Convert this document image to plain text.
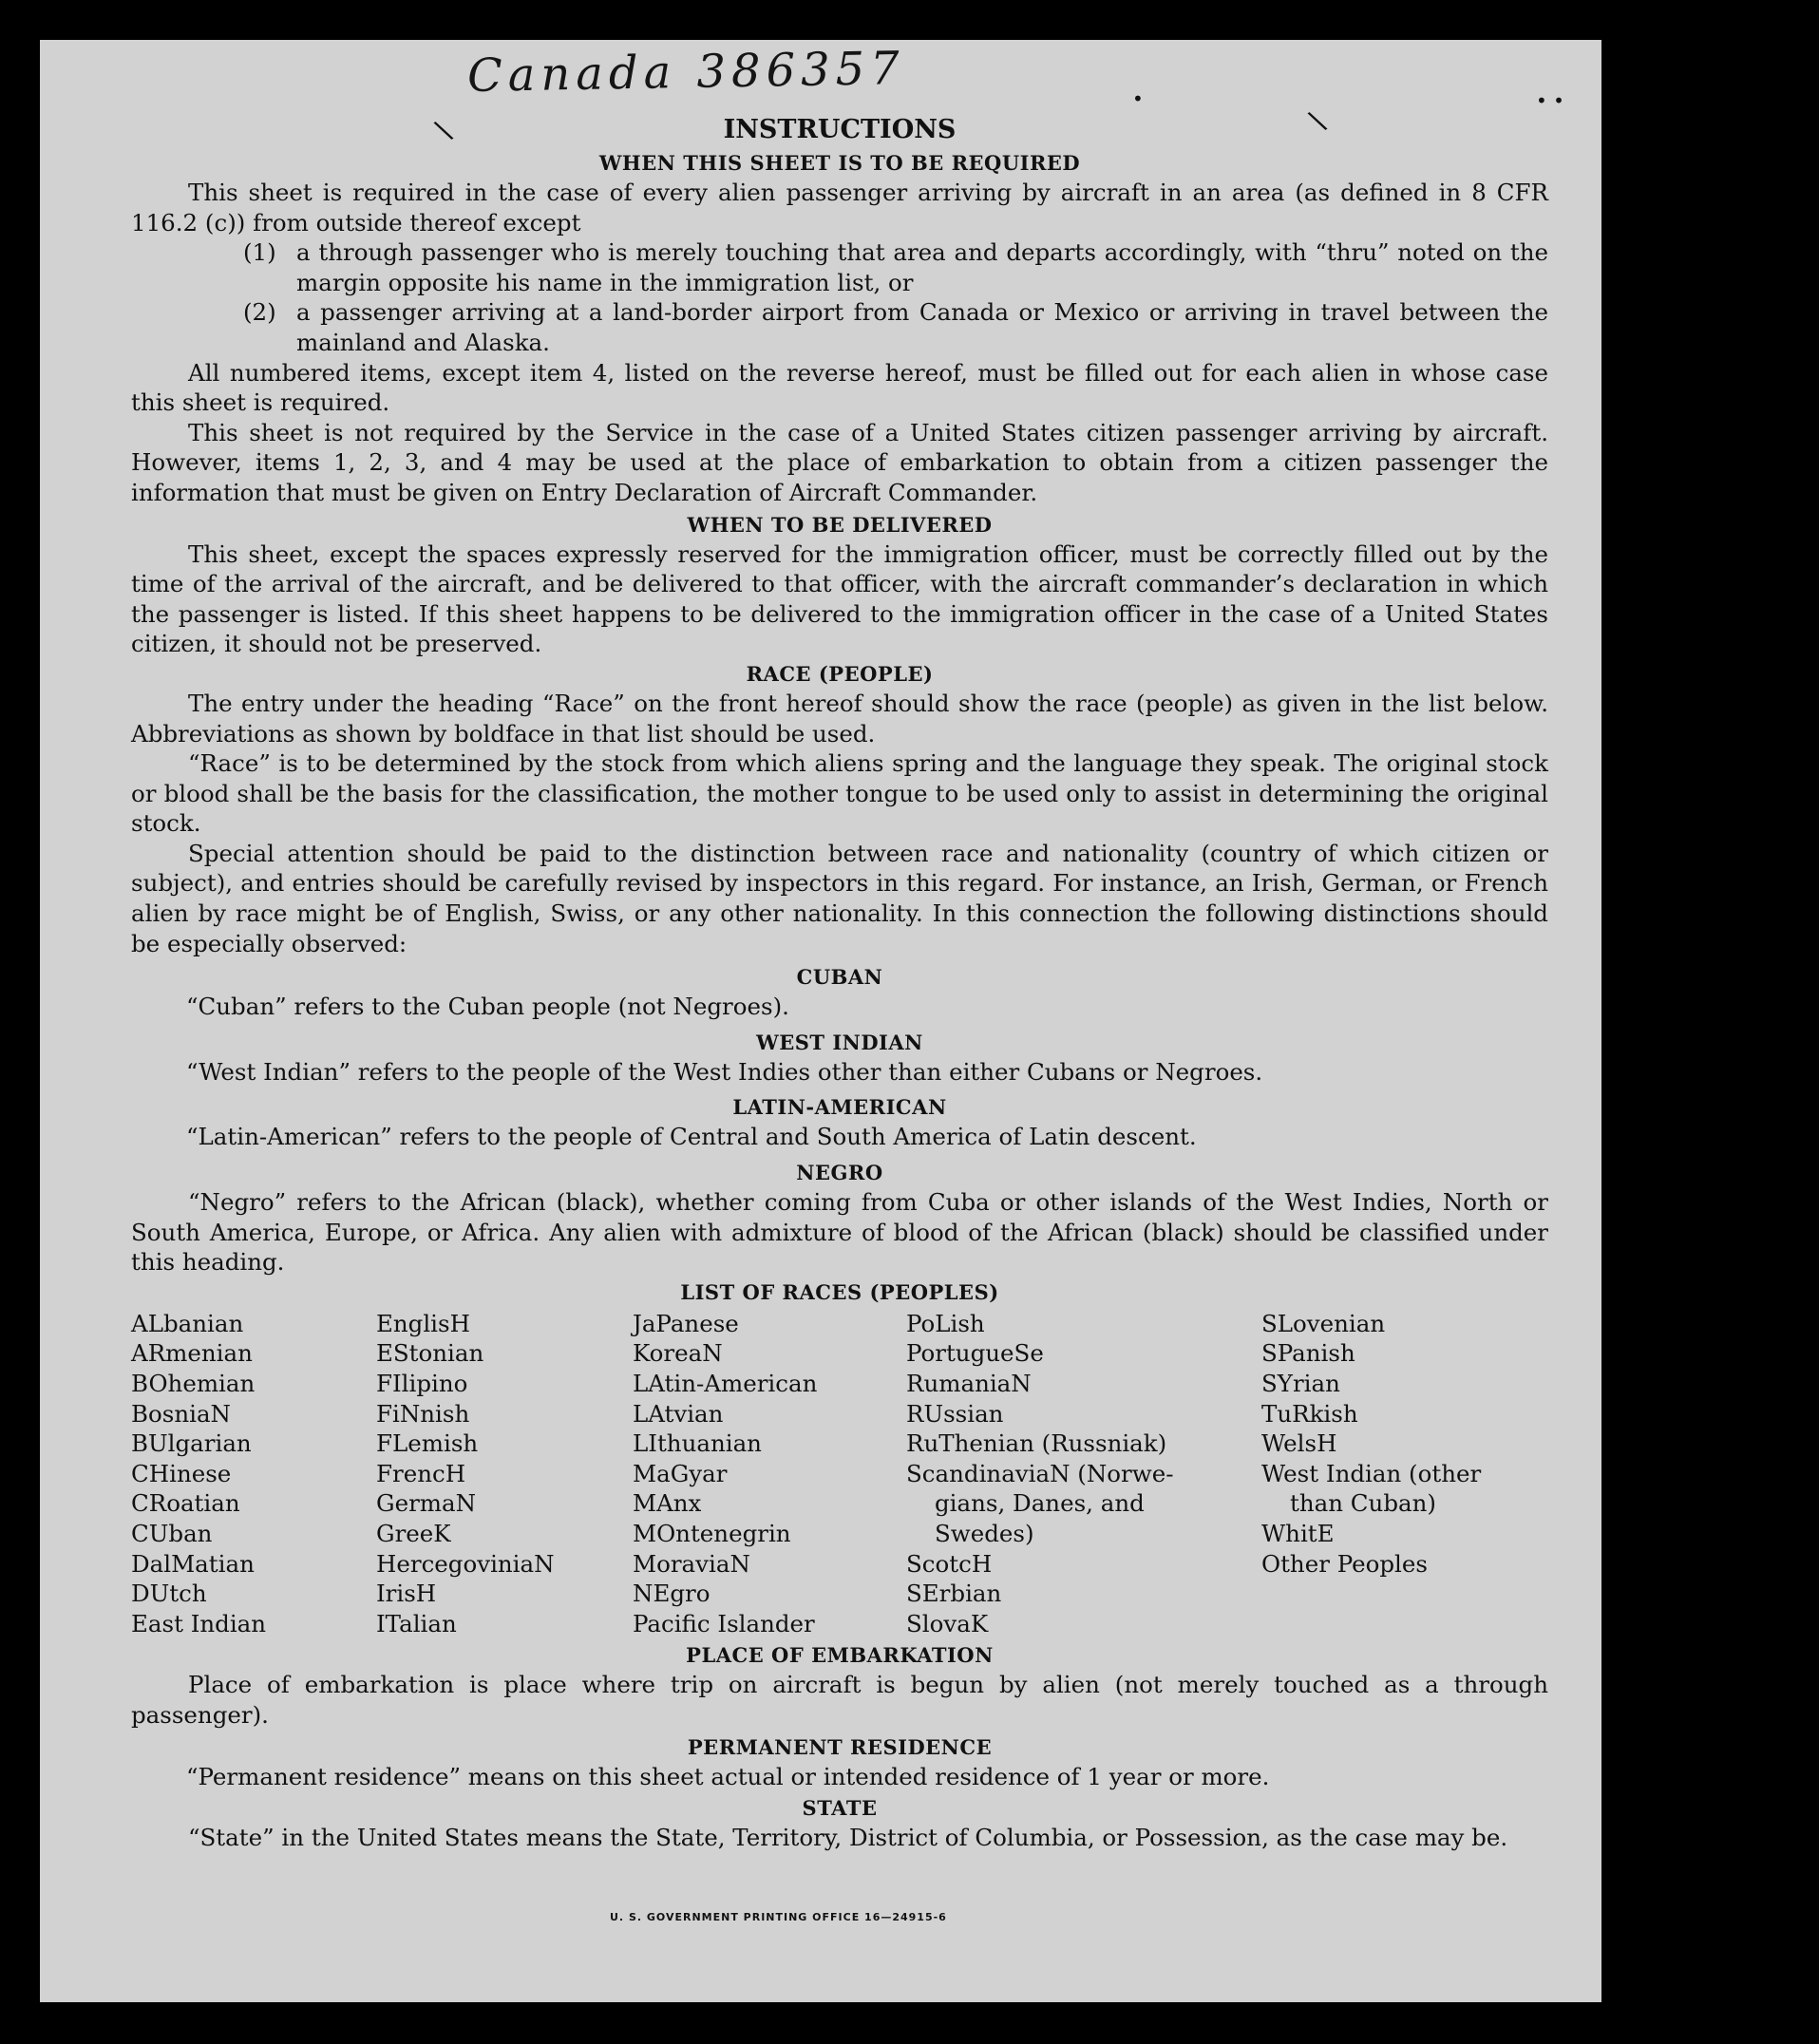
Canada 386357
\	\
•	• •
INSTRUCTIONS
WHEN THIS SHEET IS TO BE REQUIRED

This sheet is required in the case of every alien passenger arriving by aircraft in an area (as defined in 8 CFR 116.2 (c)) from outside thereof except

(1) a through passenger who is merely touching that area and departs accordingly, with “thru” noted on the margin opposite his name in the immigration list, or
(2) a passenger arriving at a land-border airport from Canada or Mexico or arriving in travel between the mainland and Alaska.

All numbered items, except item 4, listed on the reverse hereof, must be filled out for each alien in whose case this sheet is required.

This sheet is not required by the Service in the case of a United States citizen passenger arriving by aircraft. However, items 1, 2, 3, and 4 may be used at the place of embarkation to obtain from a citizen passenger the information that must be given on Entry Declaration of Aircraft Commander.

WHEN TO BE DELIVERED

This sheet, except the spaces expressly reserved for the immigration officer, must be correctly filled out by the time of the arrival of the aircraft, and be delivered to that officer, with the aircraft commander’s declaration in which the passenger is listed. If this sheet happens to be delivered to the immigration officer in the case of a United States citizen, it should not be preserved.

RACE (PEOPLE)

The entry under the heading “Race” on the front hereof should show the race (people) as given in the list below. Abbreviations as shown by boldface in that list should be used.

“Race” is to be determined by the stock from which aliens spring and the language they speak. The original stock or blood shall be the basis for the classification, the mother tongue to be used only to assist in determining the original stock.

Special attention should be paid to the distinction between race and nationality (country of which citizen or subject), and entries should be carefully revised by inspectors in this regard. For instance, an Irish, German, or French alien by race might be of English, Swiss, or any other nationality. In this connection the following distinctions should be especially observed:

CUBAN

“Cuban” refers to the Cuban people (not Negroes).

WEST INDIAN

“West Indian” refers to the people of the West Indies other than either Cubans or Negroes.

LATIN-AMERICAN

“Latin-American” refers to the people of Central and South America of Latin descent.

NEGRO

“Negro” refers to the African (black), whether coming from Cuba or other islands of the West Indies, North or South America, Europe, or Africa. Any alien with admixture of blood of the African (black) should be classified under this heading.

LIST OF RACES (PEOPLES)
ALbanian
ARmenian
BOhemian
BosniaN
BUlgarian
CHinese
CRoatian
CUban
DalMatian
DUtch
East Indian
EnglisH
EStonian
FIlipino
FiNnish
FLemish
FrencH
GermaN
GreeK
HercegoviniaN
IrisH
ITalian
JaPanese
KoreaN
LAtin-American
LAtvian
LIthuanian
MaGyar
MAnx
MOntenegrin
MoraviaN
NEgro
Pacific Islander
PoLish
PortugueSe
RumaniaN
RUssian
RuThenian (Russniak)
ScandinaviaN (Norwe-
gians, Danes, and
Swedes)
ScotcH
SErbian
SlovaK
SLovenian
SPanish
SYrian
TuRkish
WelsH
West Indian (other
than Cuban)
WhitE
Other Peoples
PLACE OF EMBARKATION

Place of embarkation is place where trip on aircraft is begun by alien (not merely touched as a through passenger).

PERMANENT RESIDENCE

“Permanent residence” means on this sheet actual or intended residence of 1 year or more.

STATE

“State” in the United States means the State, Territory, District of Columbia, or Possession, as the case may be.

U. S. GOVERNMENT PRINTING OFFICE 16—24915-6
